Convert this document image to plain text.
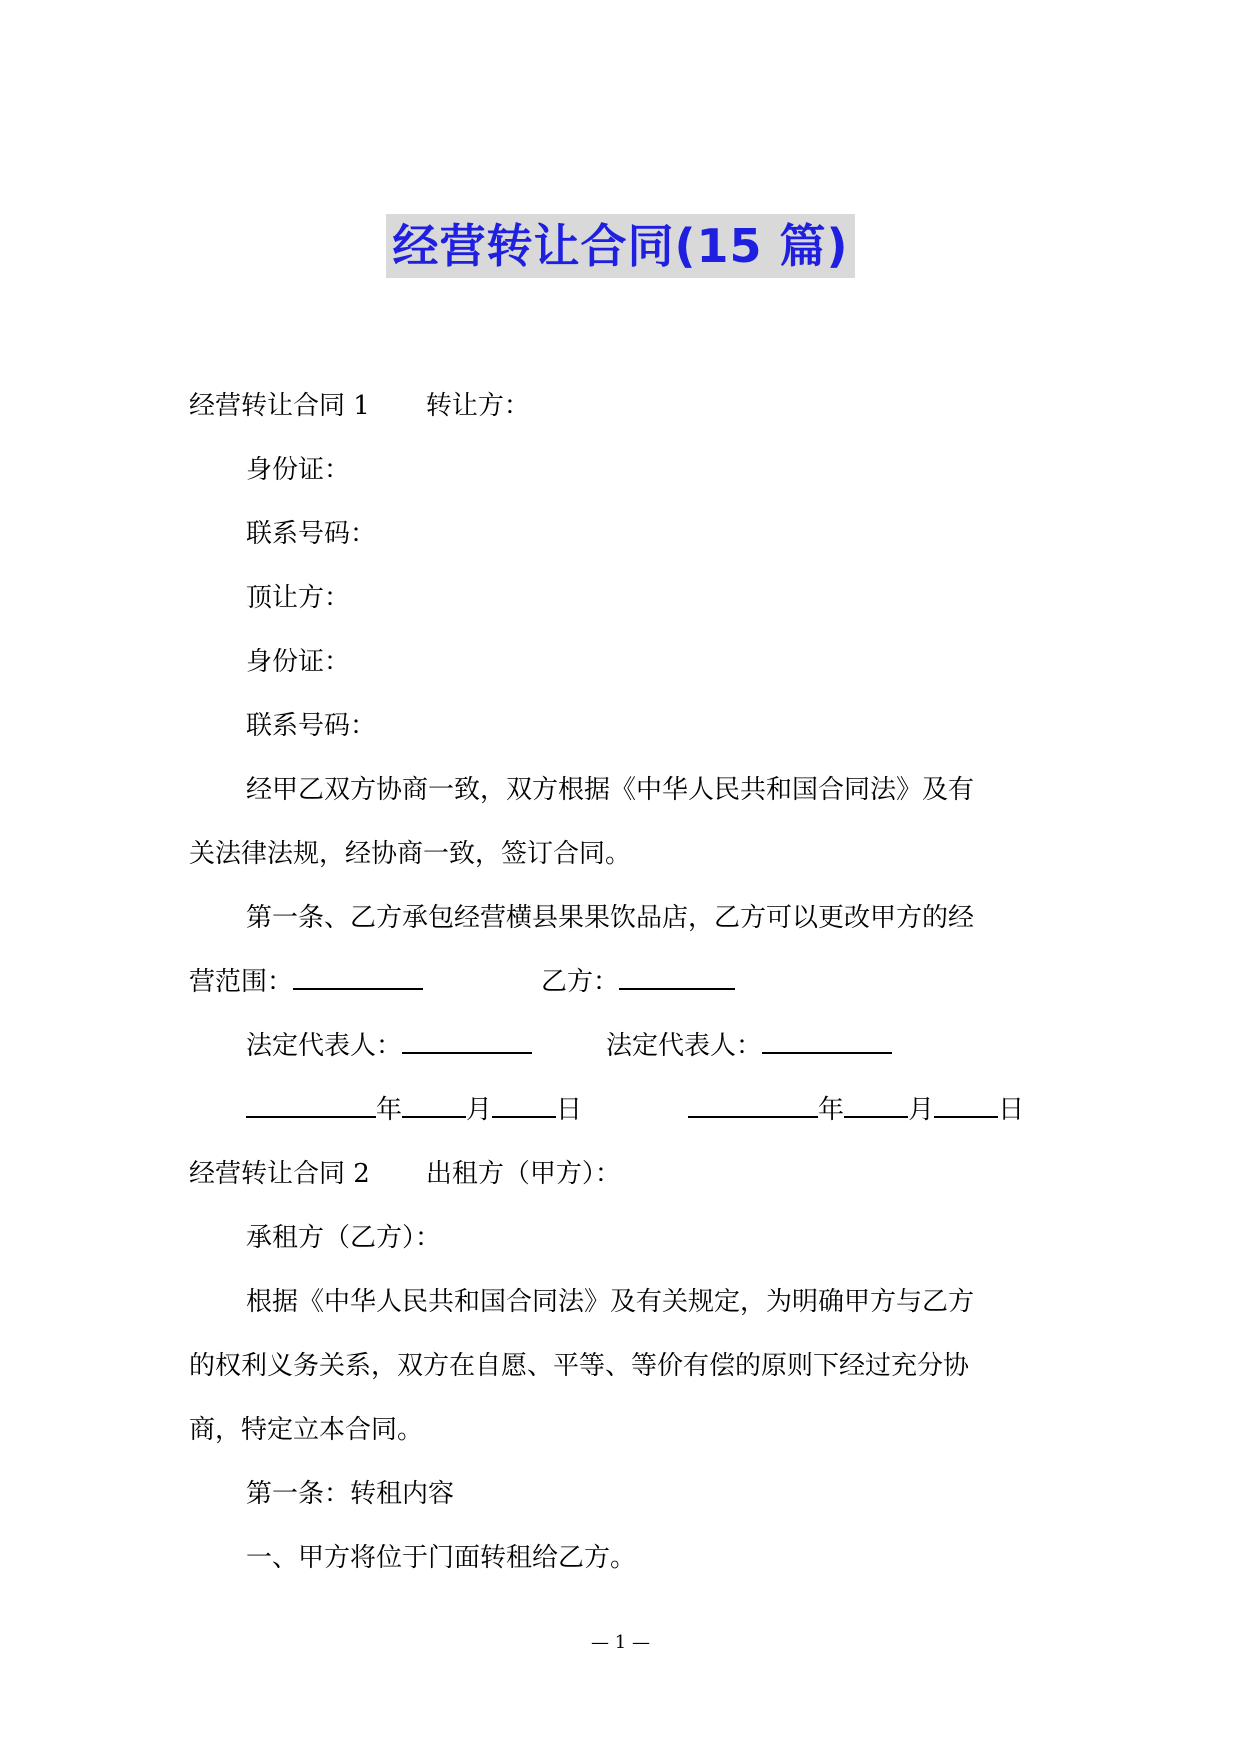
经营转让合同(15 篇)
经营转让合同 1 转让方：
身份证：
联系号码：
顶让方：
身份证：
联系号码：
经甲乙双方协商一致，双方根据《中华人民共和国合同法》及有
关法律法规，经协商一致，签订合同。
第一条、乙方承包经营横县果果饮品店，乙方可以更改甲方的经
营范围：	乙方：
法定代表人：	法定代表人：
年 月 日	年 月 日
经营转让合同 2 出租方（甲方）：
承租方（乙方）：
根据《中华人民共和国合同法》及有关规定，为明确甲方与乙方
的权利义务关系，双方在自愿、平等、等价有偿的原则下经过充分协
商，特定立本合同。
第一条：转租内容
一、甲方将位于门面转租给乙方。
— 1 —
